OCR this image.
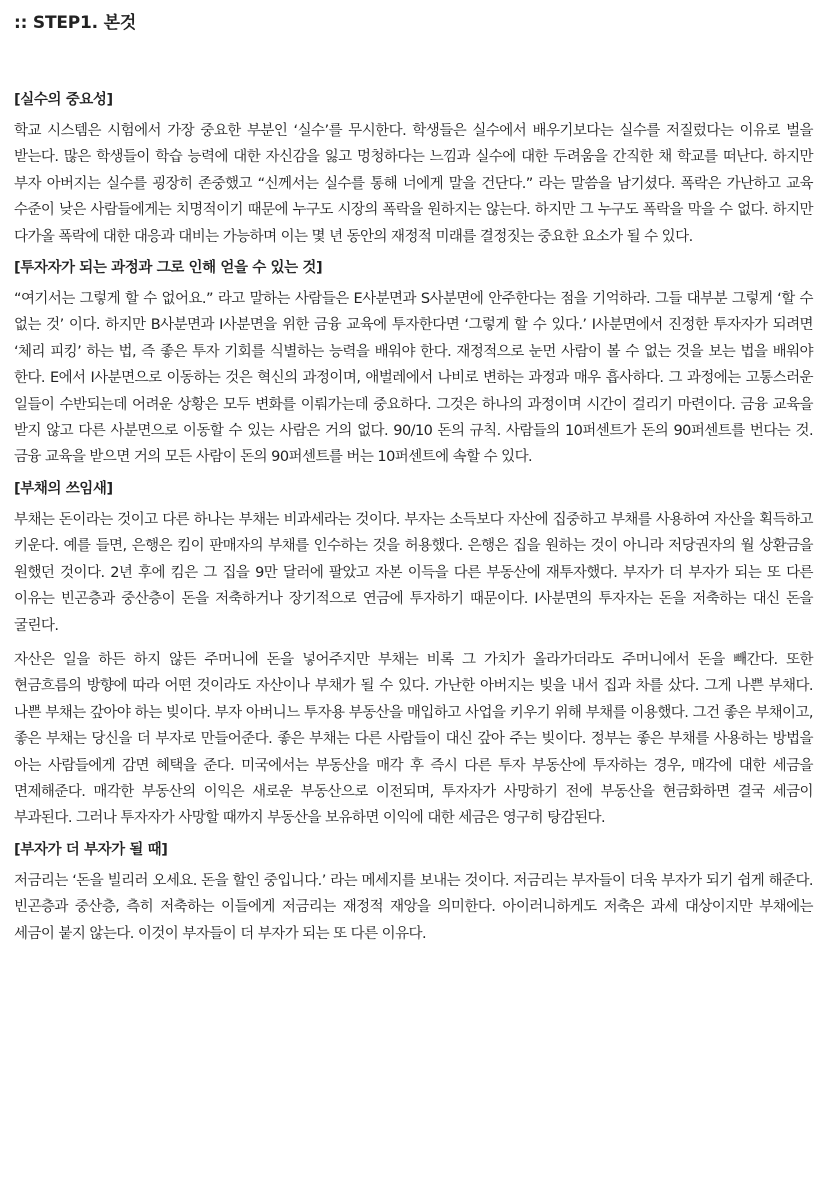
:: STEP1. 본것
[실수의 중요성]

학교 시스템은 시험에서 가장 중요한 부분인 ‘실수’를 무시한다. 학생들은 실수에서 배우기보다는 실수를 저질렀다는 이유로 벌을 받는다. 많은 학생들이 학습 능력에 대한 자신감을 잃고 멍청하다는 느낌과 실수에 대한 두려움을 간직한 채 학교를 떠난다. 하지만 부자 아버지는 실수를 굉장히 존중했고 “신께서는 실수를 통해 너에게 말을 건단다.” 라는 말씀을 남기셨다. 폭락은 가난하고 교육 수준이 낮은 사람들에게는 치명적이기 때문에 누구도 시장의 폭락을 원하지는 않는다. 하지만 그 누구도 폭락을 막을 수 없다. 하지만 다가올 폭락에 대한 대응과 대비는 가능하며 이는 몇 년 동안의 재정적 미래를 결정짓는 중요한 요소가 될 수 있다.

[투자자가 되는 과정과 그로 인해 얻을 수 있는 것]

“여기서는 그렇게 할 수 없어요.” 라고 말하는 사람들은 E사분면과 S사분면에 안주한다는 점을 기억하라. 그들 대부분 그렇게 ‘할 수 없는 것’ 이다. 하지만 B사분면과 I사분면을 위한 금융 교육에 투자한다면 ‘그렇게 할 수 있다.’ I사분면에서 진정한 투자자가 되려면 ‘체리 피킹’ 하는 법, 즉 좋은 투자 기회를 식별하는 능력을 배워야 한다. 재정적으로 눈먼 사람이 볼 수 없는 것을 보는 법을 배워야 한다. E에서 I사분면으로 이동하는 것은 혁신의 과정이며, 애벌레에서 나비로 변하는 과정과 매우 흡사하다. 그 과정에는 고통스러운 일들이 수반되는데 어려운 상황은 모두 변화를 이뤄가는데 중요하다. 그것은 하나의 과정이며 시간이 걸리기 마련이다. 금융 교육을 받지 않고 다른 사분면으로 이동할 수 있는 사람은 거의 없다. 90/10 돈의 규칙. 사람들의 10퍼센트가 돈의 90퍼센트를 번다는 것. 금융 교육을 받으면 거의 모든 사람이 돈의 90퍼센트를 버는 10퍼센트에 속할 수 있다.

[부채의 쓰임새]

부채는 돈이라는 것이고 다른 하나는 부채는 비과세라는 것이다. 부자는 소득보다 자산에 집중하고 부채를 사용하여 자산을 획득하고 키운다. 예를 들면, 은행은 킴이 판매자의 부채를 인수하는 것을 허용했다. 은행은 집을 원하는 것이 아니라 저당권자의 월 상환금을 원했던 것이다. 2년 후에 킴은 그 집을 9만 달러에 팔았고 자본 이득을 다른 부동산에 재투자했다. 부자가 더 부자가 되는 또 다른 이유는 빈곤층과 중산층이 돈을 저축하거나 장기적으로 연금에 투자하기 때문이다. I사분면의 투자자는 돈을 저축하는 대신 돈을 굴린다.

자산은 일을 하든 하지 않든 주머니에 돈을 넣어주지만 부채는 비록 그 가치가 올라가더라도 주머니에서 돈을 빼간다. 또한 현금흐름의 방향에 따라 어떤 것이라도 자산이나 부채가 될 수 있다. 가난한 아버지는 빚을 내서 집과 차를 샀다. 그게 나쁜 부채다. 나쁜 부채는 갚아야 하는 빚이다. 부자 아버니느 투자용 부동산을 매입하고 사업을 키우기 위해 부채를 이용했다. 그건 좋은 부채이고, 좋은 부채는 당신을 더 부자로 만들어준다. 좋은 부채는 다른 사람들이 대신 갚아 주는 빚이다. 정부는 좋은 부채를 사용하는 방법을 아는 사람들에게 감면 혜택을 준다. 미국에서는 부동산을 매각 후 즉시 다른 투자 부동산에 투자하는 경우, 매각에 대한 세금을 면제해준다. 매각한 부동산의 이익은 새로운 부동산으로 이전되며, 투자자가 사망하기 전에 부동산을 현금화하면 결국 세금이 부과된다. 그러나 투자자가 사망할 때까지 부동산을 보유하면 이익에 대한 세금은 영구히 탕감된다.

[부자가 더 부자가 될 때]

저금리는 ‘돈을 빌리러 오세요. 돈을 할인 중입니다.’ 라는 메세지를 보내는 것이다. 저금리는 부자들이 더욱 부자가 되기 쉽게 해준다. 빈곤층과 중산층, 측히 저축하는 이들에게 저금리는 재정적 재앙을 의미한다. 아이러니하게도 저축은 과세 대상이지만 부채에는 세금이 붙지 않는다. 이것이 부자들이 더 부자가 되는 또 다른 이유다.
